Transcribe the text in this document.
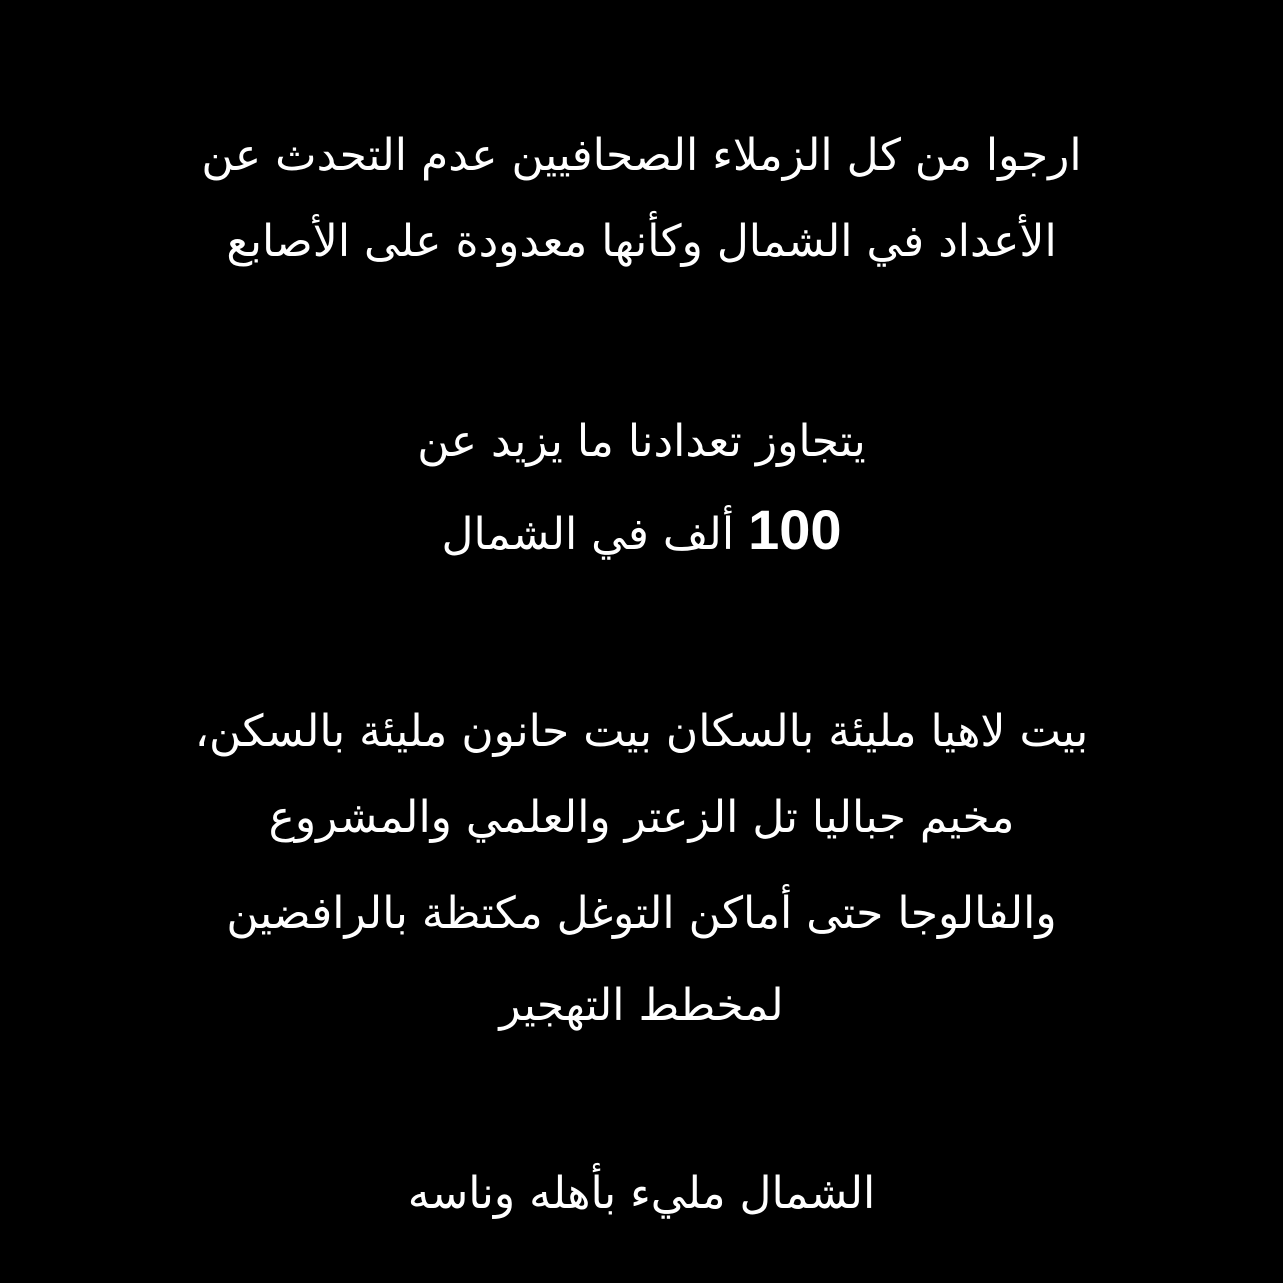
ارجوا من كل الزملاء الصحافيين عدم التحدث عن
الأعداد في الشمال وكأنها معدودة على الأصابع
يتجاوز تعدادنا ما يزيد عن
100 ألف في الشمال
بيت لاهيا مليئة بالسكان بيت حانون مليئة بالسكن،
مخيم جباليا تل الزعتر والعلمي والمشروع
والفالوجا حتى أماكن التوغل مكتظة بالرافضين
لمخطط التهجير
الشمال مليء بأهله وناسه
